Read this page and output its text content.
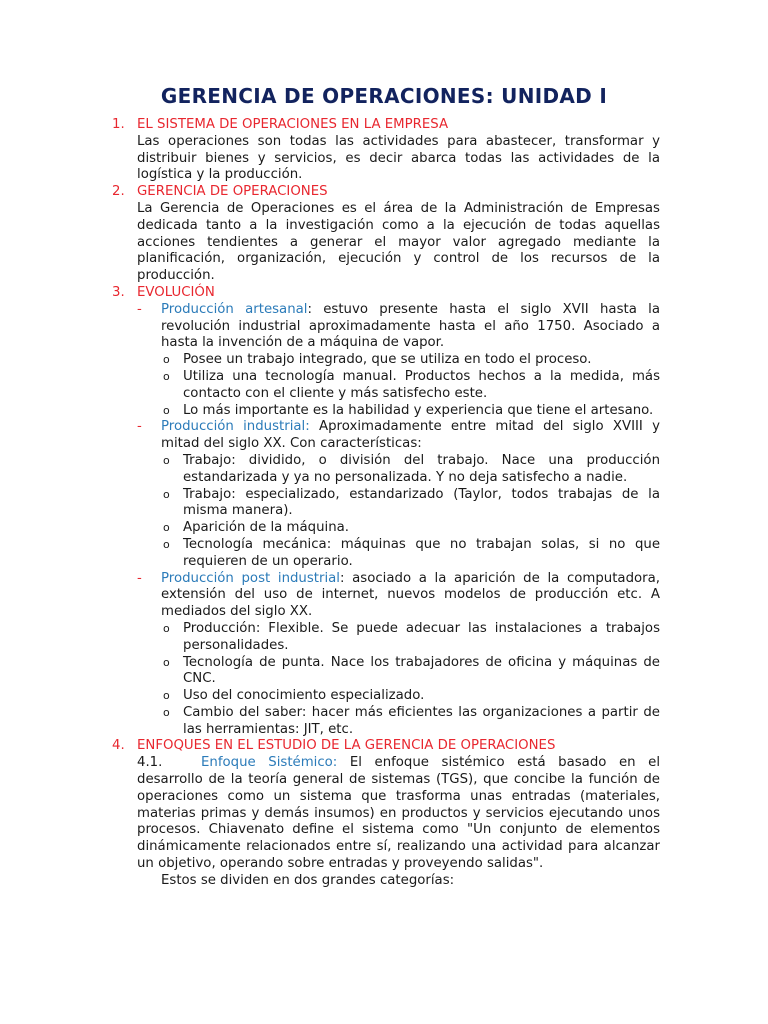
GERENCIA DE OPERACIONES: UNIDAD I
1. EL SISTEMA DE OPERACIONES EN LA EMPRESA

Las operaciones son todas las actividades para abastecer, transformar y distribuir bienes y servicios, es decir abarca todas las actividades de la logística y la producción.

2. GERENCIA DE OPERACIONES

La Gerencia de Operaciones es el área de la Administración de Empresas dedicada tanto a la investigación como a la ejecución de todas aquellas acciones tendientes a generar el mayor valor agregado mediante la planificación, organización, ejecución y control de los recursos de la producción.

3. EVOLUCIÓN

- Producción artesanal: estuvo presente hasta el siglo XVII hasta la revolución industrial aproximadamente hasta el año 1750. Asociado a hasta la invención de a máquina de vapor.

o Posee un trabajo integrado, que se utiliza en todo el proceso.

o Utiliza una tecnología manual. Productos hechos a la medida, más contacto con el cliente y más satisfecho este.

o Lo más importante es la habilidad y experiencia que tiene el artesano.

- Producción industrial: Aproximadamente entre mitad del siglo XVIII y mitad del siglo XX. Con características:

o Trabajo: dividido, o división del trabajo. Nace una producción estandarizada y ya no personalizada. Y no deja satisfecho a nadie.

o Trabajo: especializado, estandarizado (Taylor, todos trabajas de la misma manera).

o Aparición de la máquina.

o Tecnología mecánica: máquinas que no trabajan solas, si no que requieren de un operario.

- Producción post industrial: asociado a la aparición de la computadora, extensión del uso de internet, nuevos modelos de producción etc. A mediados del siglo XX.

o Producción: Flexible. Se puede adecuar las instalaciones a trabajos personalidades.

o Tecnología de punta. Nace los trabajadores de oficina y máquinas de CNC.

o Uso del conocimiento especializado.

o Cambio del saber: hacer más eficientes las organizaciones a partir de las herramientas: JIT, etc.

4. ENFOQUES EN EL ESTUDIO DE LA GERENCIA DE OPERACIONES

4.1.	Enfoque Sistémico: El enfoque sistémico está basado en el desarrollo de la teoría general de sistemas (TGS), que concibe la función de operaciones como un sistema que trasforma unas entradas (materiales, materias primas y demás insumos) en productos y servicios ejecutando unos procesos. Chiavenato define el sistema como "Un conjunto de elementos dinámicamente relacionados entre sí, realizando una actividad para alcanzar un objetivo, operando sobre entradas y proveyendo salidas".

Estos se dividen en dos grandes categorías:
